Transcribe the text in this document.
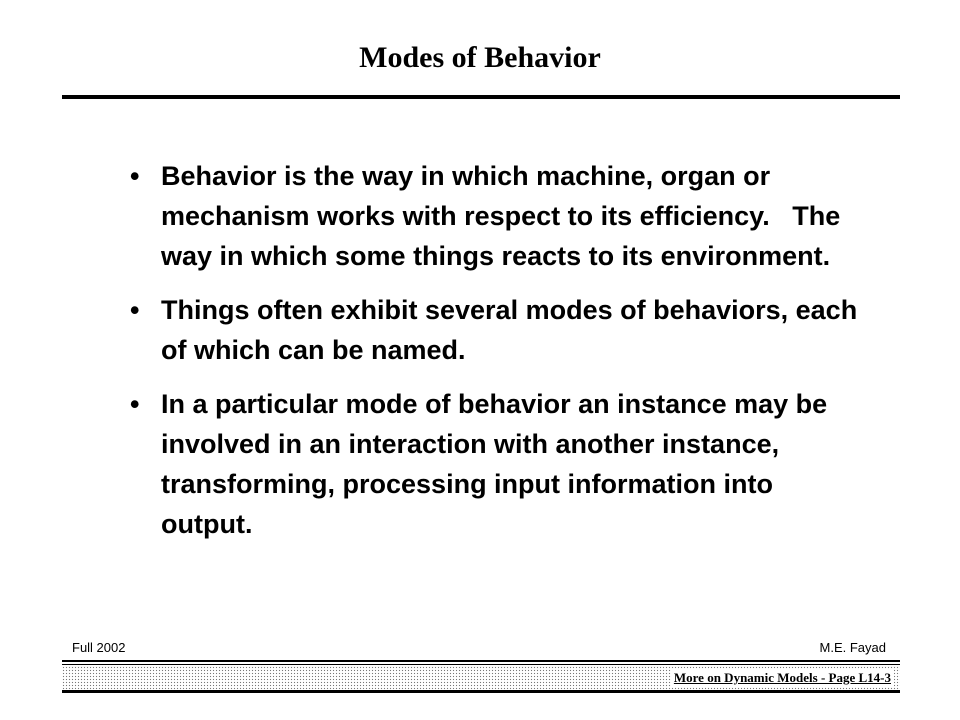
Modes of Behavior
• Behavior is the way in which machine, organ or mechanism works with respect to its efficiency.   The way in which some things reacts to its environment.
• Things often exhibit several modes of behaviors, each of which can be named.
• In a particular mode of behavior an instance may be involved in an interaction with another instance, transforming, processing input information into output.
Full 2002	M.E. Fayad
More on Dynamic Models - Page L14-3
